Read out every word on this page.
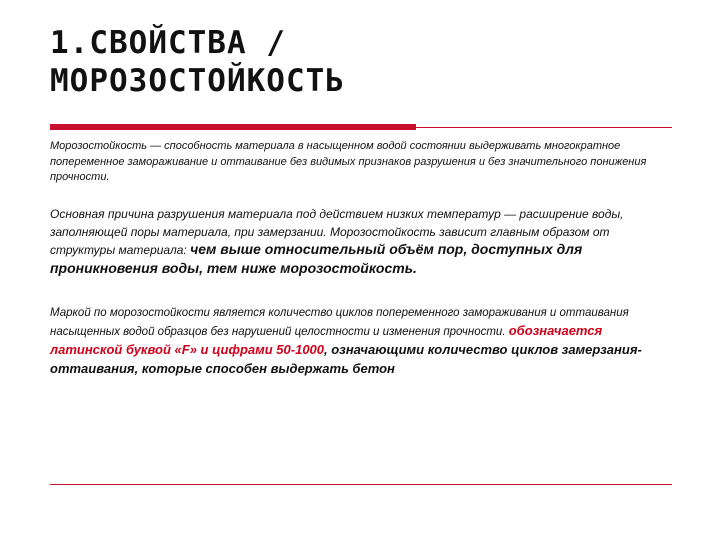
1.СВОЙСТВА /
МОРОЗОСТОЙКОСТЬ
Морозостойкость — способность материала в насыщенном водой состоянии выдерживать многократное попеременное замораживание и оттаивание без видимых признаков разрушения и без значительного понижения прочности.
Основная причина разрушения материала под действием низких температур — расширение воды, заполняющей поры материала, при замерзании. Морозостойкость зависит главным образом от структуры материала: чем выше относительный объём пор, доступных для проникновения воды, тем ниже морозостойкость.
Маркой по морозостойкости является количество циклов попеременного замораживания и оттаивания насыщенных водой образцов без нарушений целостности и изменения прочности. обозначается латинской буквой «F» и цифрами 50-1000, означающими количество циклов замерзания-оттаивания, которые способен выдержать бетон
